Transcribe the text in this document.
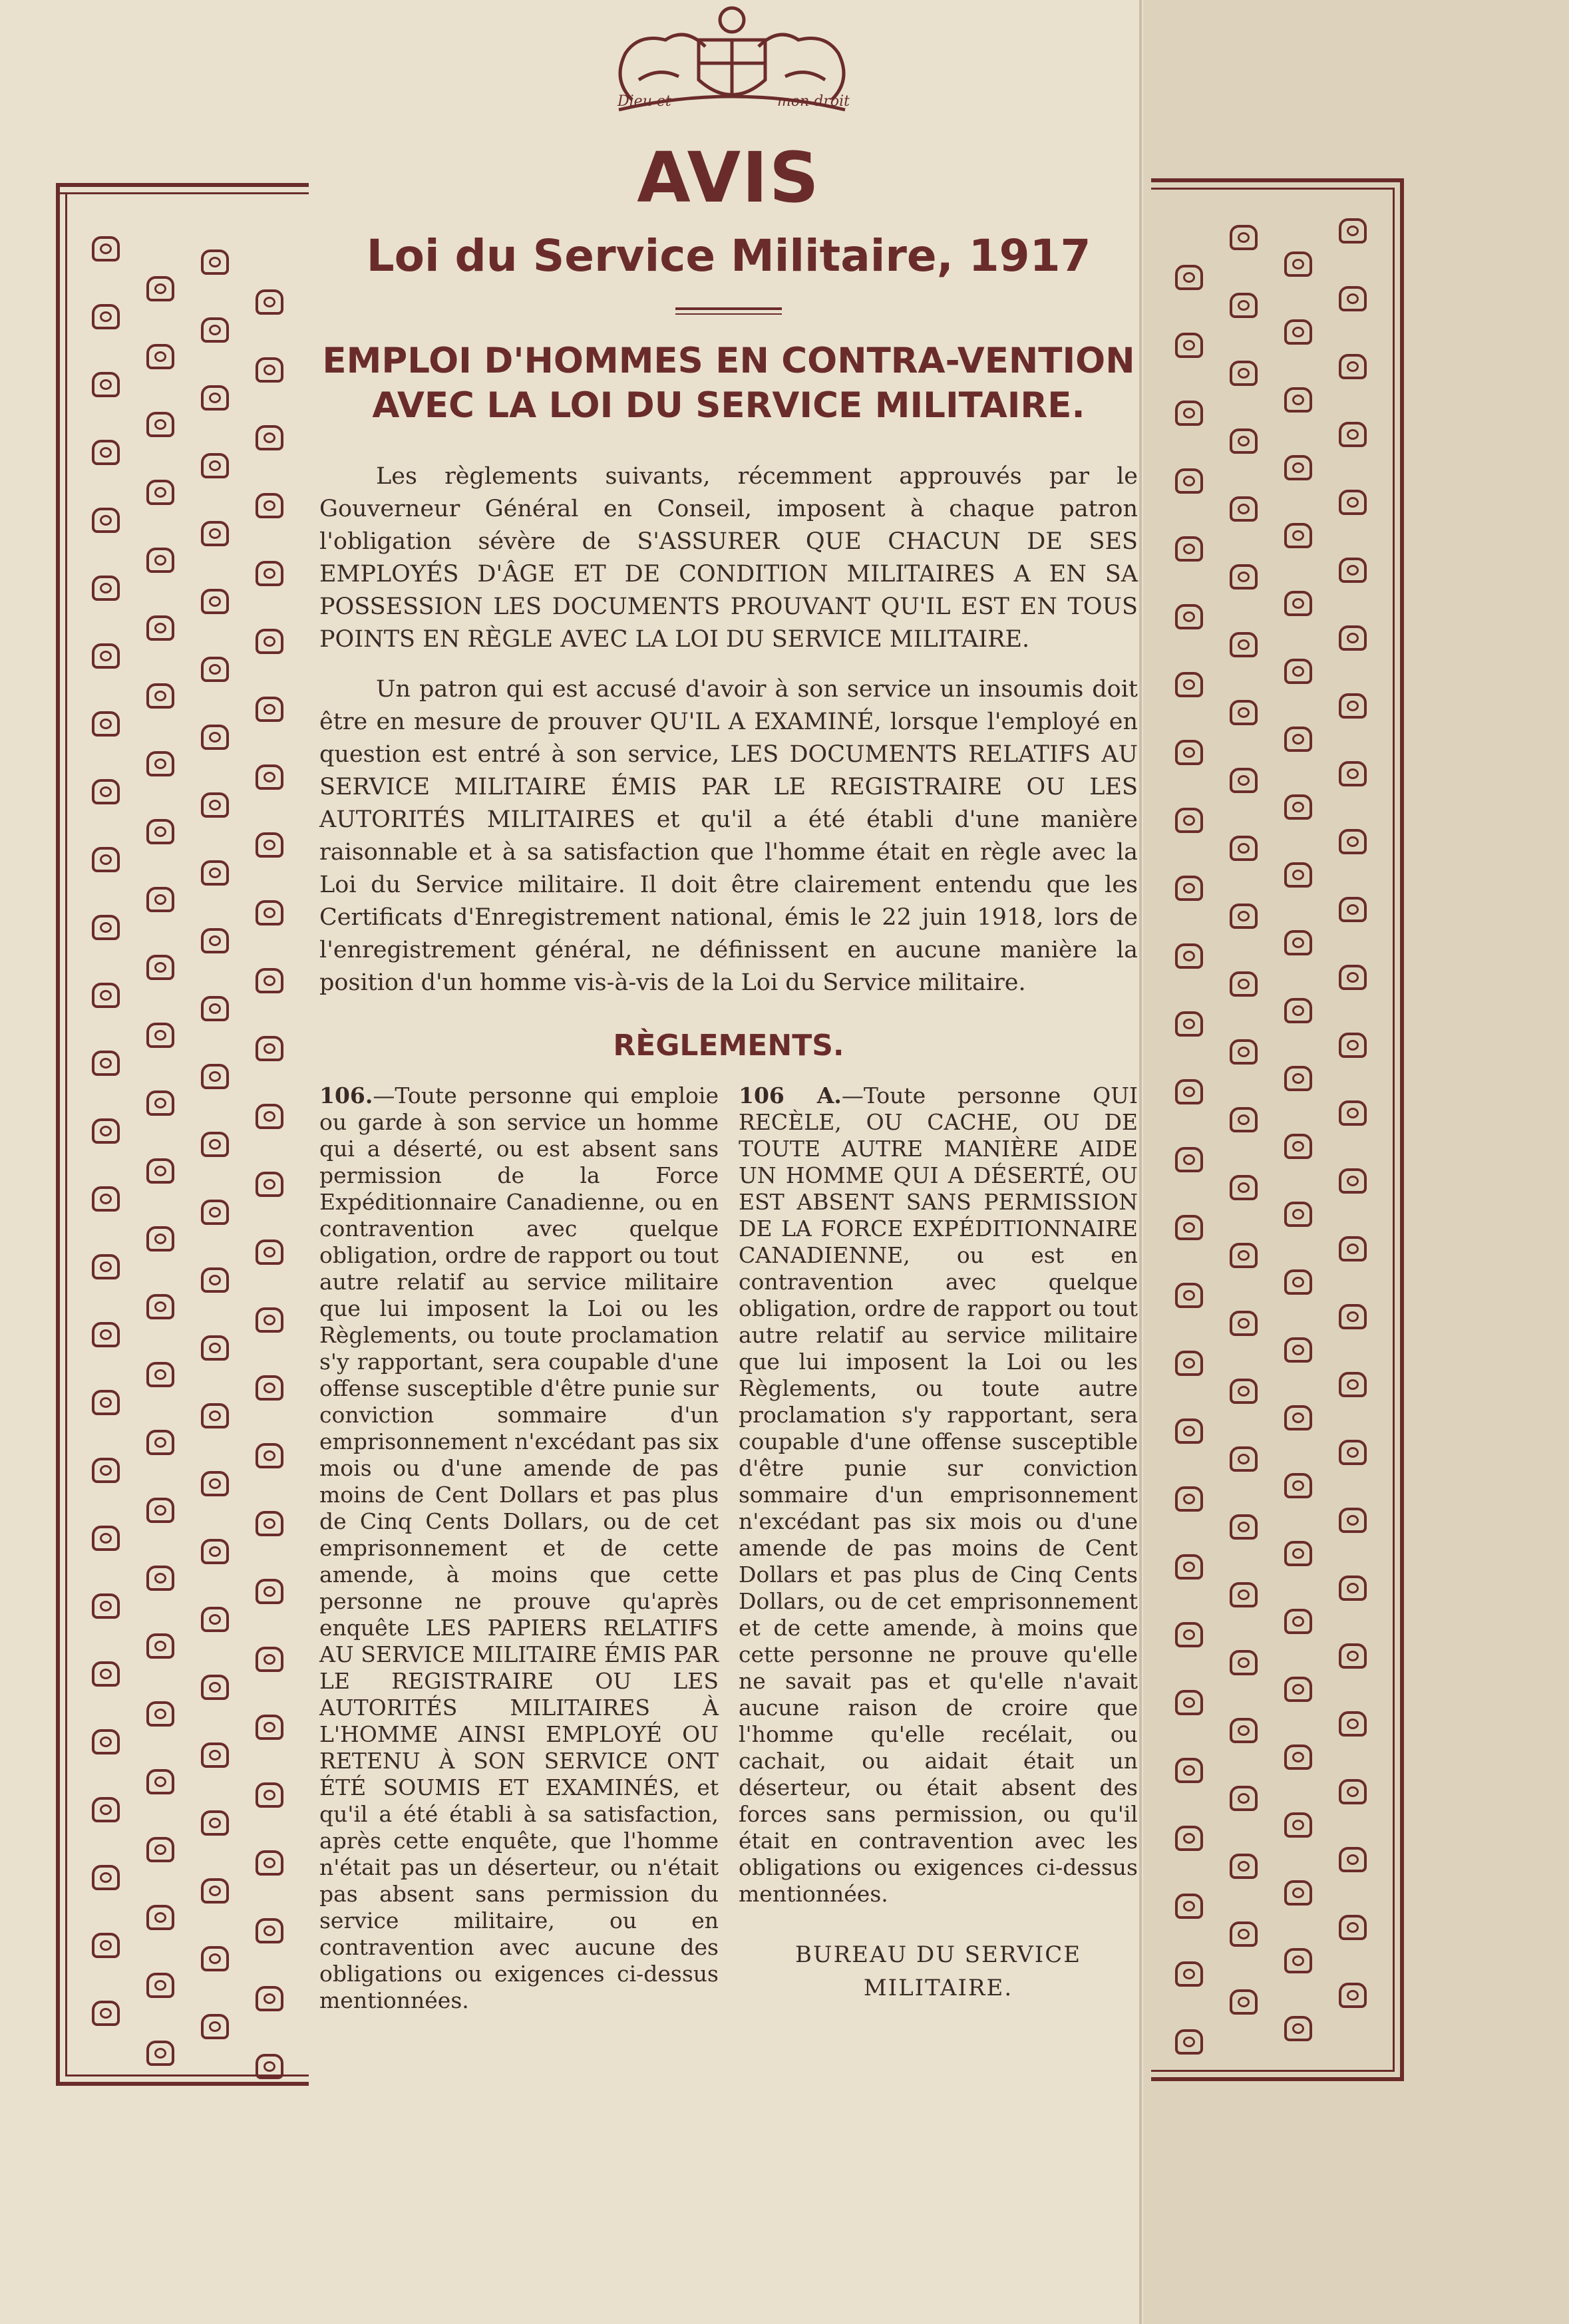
Dieu et	mon droit
AVIS
Loi du Service Militaire, 1917
EMPLOI D'HOMMES EN CONTRA-VENTION AVEC LA LOI DU SERVICE MILITAIRE.

Les règlements suivants, récemment approuvés par le Gouverneur Général en Conseil, imposent à chaque patron l'obligation sévère de S'ASSURER QUE CHACUN DE SES EMPLOYÉS D'ÂGE ET DE CONDITION MILITAIRES A EN SA POSSESSION LES DOCUMENTS PROUVANT QU'IL EST EN TOUS POINTS EN RÈGLE AVEC LA LOI DU SERVICE MILITAIRE.

Un patron qui est accusé d'avoir à son service un insoumis doit être en mesure de prouver QU'IL A EXAMINÉ, lorsque l'employé en question est entré à son service, LES DOCUMENTS RELATIFS AU SERVICE MILITAIRE ÉMIS PAR LE REGISTRAIRE OU LES AUTORITÉS MILITAIRES et qu'il a été établi d'une manière raisonnable et à sa satisfaction que l'homme était en règle avec la Loi du Service militaire. Il doit être clairement entendu que les Certificats d'Enregistrement national, émis le 22 juin 1918, lors de l'enregistrement général, ne définissent en aucune manière la position d'un homme vis-à-vis de la Loi du Service militaire.

RÈGLEMENTS.

106.—Toute personne qui emploie ou garde à son service un homme qui a déserté, ou est absent sans permission de la Force Expéditionnaire Canadienne, ou en contravention avec quelque obligation, ordre de rapport ou tout autre relatif au service militaire que lui imposent la Loi ou les Règlements, ou toute proclamation s'y rapportant, sera coupable d'une offense susceptible d'être punie sur conviction sommaire d'un emprisonnement n'excédant pas six mois ou d'une amende de pas moins de Cent Dollars et pas plus de Cinq Cents Dollars, ou de cet emprisonnement et de cette amende, à moins que cette personne ne prouve qu'après enquête LES PAPIERS RELATIFS AU SERVICE MILITAIRE ÉMIS PAR LE REGISTRAIRE OU LES AUTORITÉS MILITAIRES À L'HOMME AINSI EMPLOYÉ OU RETENU À SON SERVICE ONT ÉTÉ SOUMIS ET EXAMINÉS, et qu'il a été établi à sa satisfaction, après cette enquête, que l'homme n'était pas un déserteur, ou n'était pas absent sans permission du service militaire, ou en contravention avec aucune des obligations ou exigences ci-dessus mentionnées.

106 A.—Toute personne QUI RECÈLE, OU CACHE, OU DE TOUTE AUTRE MANIÈRE AIDE UN HOMME QUI A DÉSERTÉ, OU EST ABSENT SANS PERMISSION DE LA FORCE EXPÉDITIONNAIRE CANADIENNE, ou est en contravention avec quelque obligation, ordre de rapport ou tout autre relatif au service militaire que lui imposent la Loi ou les Règlements, ou toute autre proclamation s'y rapportant, sera coupable d'une offense susceptible d'être punie sur conviction sommaire d'un emprisonnement n'excédant pas six mois ou d'une amende de pas moins de Cent Dollars et pas plus de Cinq Cents Dollars, ou de cet emprisonnement et de cette amende, à moins que cette personne ne prouve qu'elle ne savait pas et qu'elle n'avait aucune raison de croire que l'homme qu'elle recélait, ou cachait, ou aidait était un déserteur, ou était absent des forces sans permission, ou qu'il était en contravention avec les obligations ou exigences ci-dessus mentionnées.

BUREAU DU SERVICE
MILITAIRE.
